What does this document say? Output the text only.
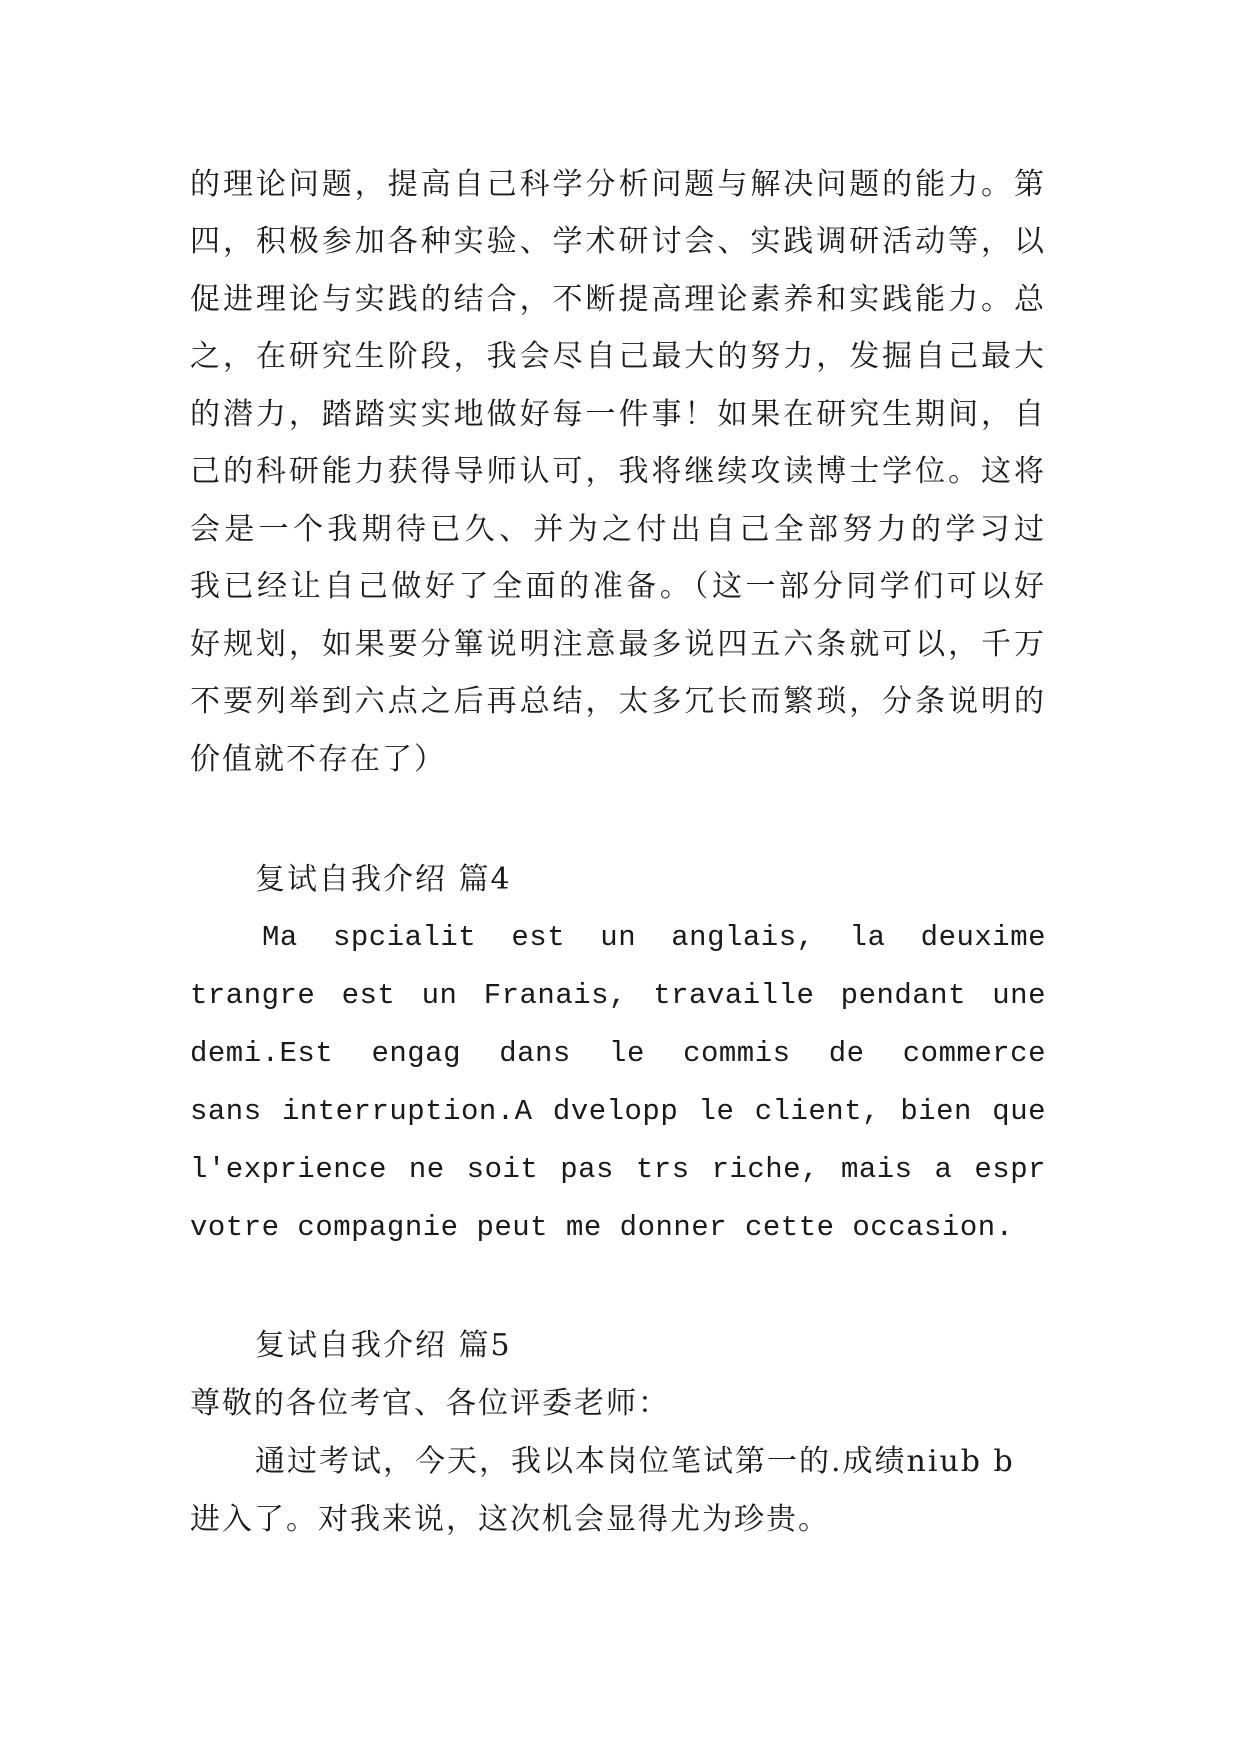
的理论问题，提高自己科学分析问题与解决问题的能力。第
四，积极参加各种实验、学术研讨会、实践调研活动等，以
促进理论与实践的结合，不断提高理论素养和实践能力。总
之，在研究生阶段，我会尽自己最大的努力，发掘自己最大
的潜力，踏踏实实地做好每一件事！如果在研究生期间，自
己的科研能力获得导师认可，我将继续攻读博士学位。这将
会是一个我期待已久、并为之付出自己全部努力的学习过
我已经让自己做好了全面的准备。（这一部分同学们可以好
好规划，如果要分篳说明注意最多说四五六条就可以，千万
不要列举到六点之后再总结，太多冗长而繁琐，分条说明的
价值就不存在了）
复试自我介绍 篇4
Ma spcialit est un anglais, la deuxime
trangre est un Franais, travaille pendant une
demi.Est engag dans le commis de commerce
sans interruption.A dvelopp le client, bien que
l'exprience ne soit pas trs riche, mais a espr
votre compagnie peut me donner cette occasion.
复试自我介绍 篇5
尊敬的各位考官、各位评委老师：
通过考试，今天，我以本岗位笔试第一的.成绩niub b
进入了。对我来说，这次机会显得尤为珍贵。
